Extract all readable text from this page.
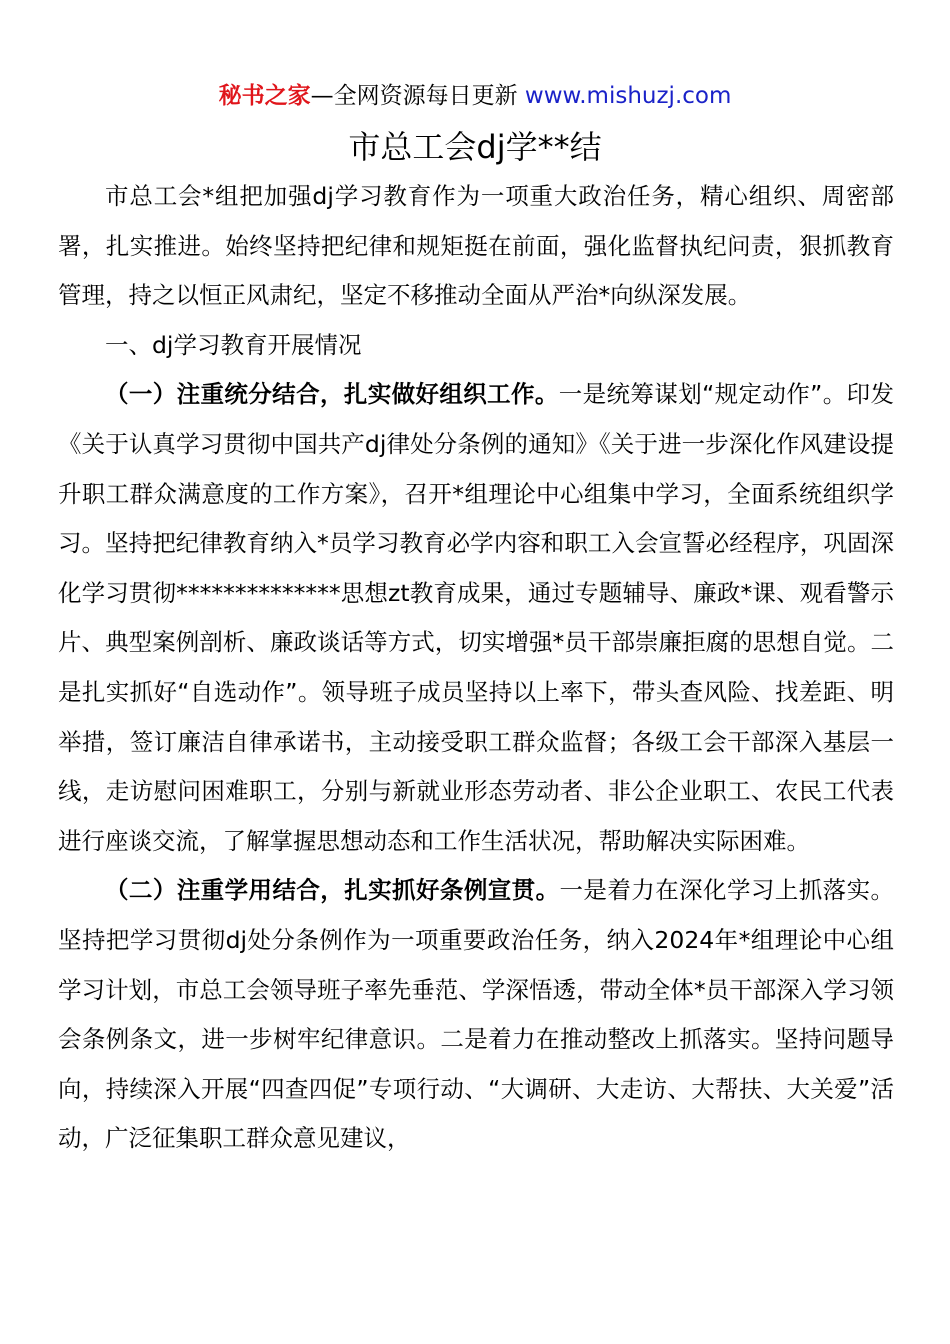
秘书之家—全网资源每日更新 www.mishuzj.com
市总工会dj学**结

市总工会*组把加强dj学习教育作为一项重大政治任务，精心组织、周密部署，扎实推进。始终坚持把纪律和规矩挺在前面，强化监督执纪问责，狠抓教育管理，持之以恒正风肃纪，坚定不移推动全面从严治*向纵深发展。

一、dj学习教育开展情况

（一）注重统分结合，扎实做好组织工作。一是统筹谋划“规定动作”。印发《关于认真学习贯彻中国共产dj律处分条例的通知》《关于进一步深化作风建设提升职工群众满意度的工作方案》，召开*组理论中心组集中学习，全面系统组织学习。坚持把纪律教育纳入*员学习教育必学内容和职工入会宣誓必经程序，巩固深化学习贯彻**************思想zt教育成果，通过专题辅导、廉政*课、观看警示片、典型案例剖析、廉政谈话等方式，切实增强*员干部崇廉拒腐的思想自觉。二是扎实抓好“自选动作”。领导班子成员坚持以上率下，带头查风险、找差距、明举措，签订廉洁自律承诺书，主动接受职工群众监督；各级工会干部深入基层一线，走访慰问困难职工，分别与新就业形态劳动者、非公企业职工、农民工代表进行座谈交流，了解掌握思想动态和工作生活状况，帮助解决实际困难。

（二）注重学用结合，扎实抓好条例宣贯。一是着力在深化学习上抓落实。坚持把学习贯彻dj处分条例作为一项重要政治任务，纳入2024年*组理论中心组学习计划，市总工会领导班子率先垂范、学深悟透，带动全体*员干部深入学习领会条例条文，进一步树牢纪律意识。二是着力在推动整改上抓落实。坚持问题导向，持续深入开展“四查四促”专项行动、“大调研、大走访、大帮扶、大关爱”活动，广泛征集职工群众意见建议，
